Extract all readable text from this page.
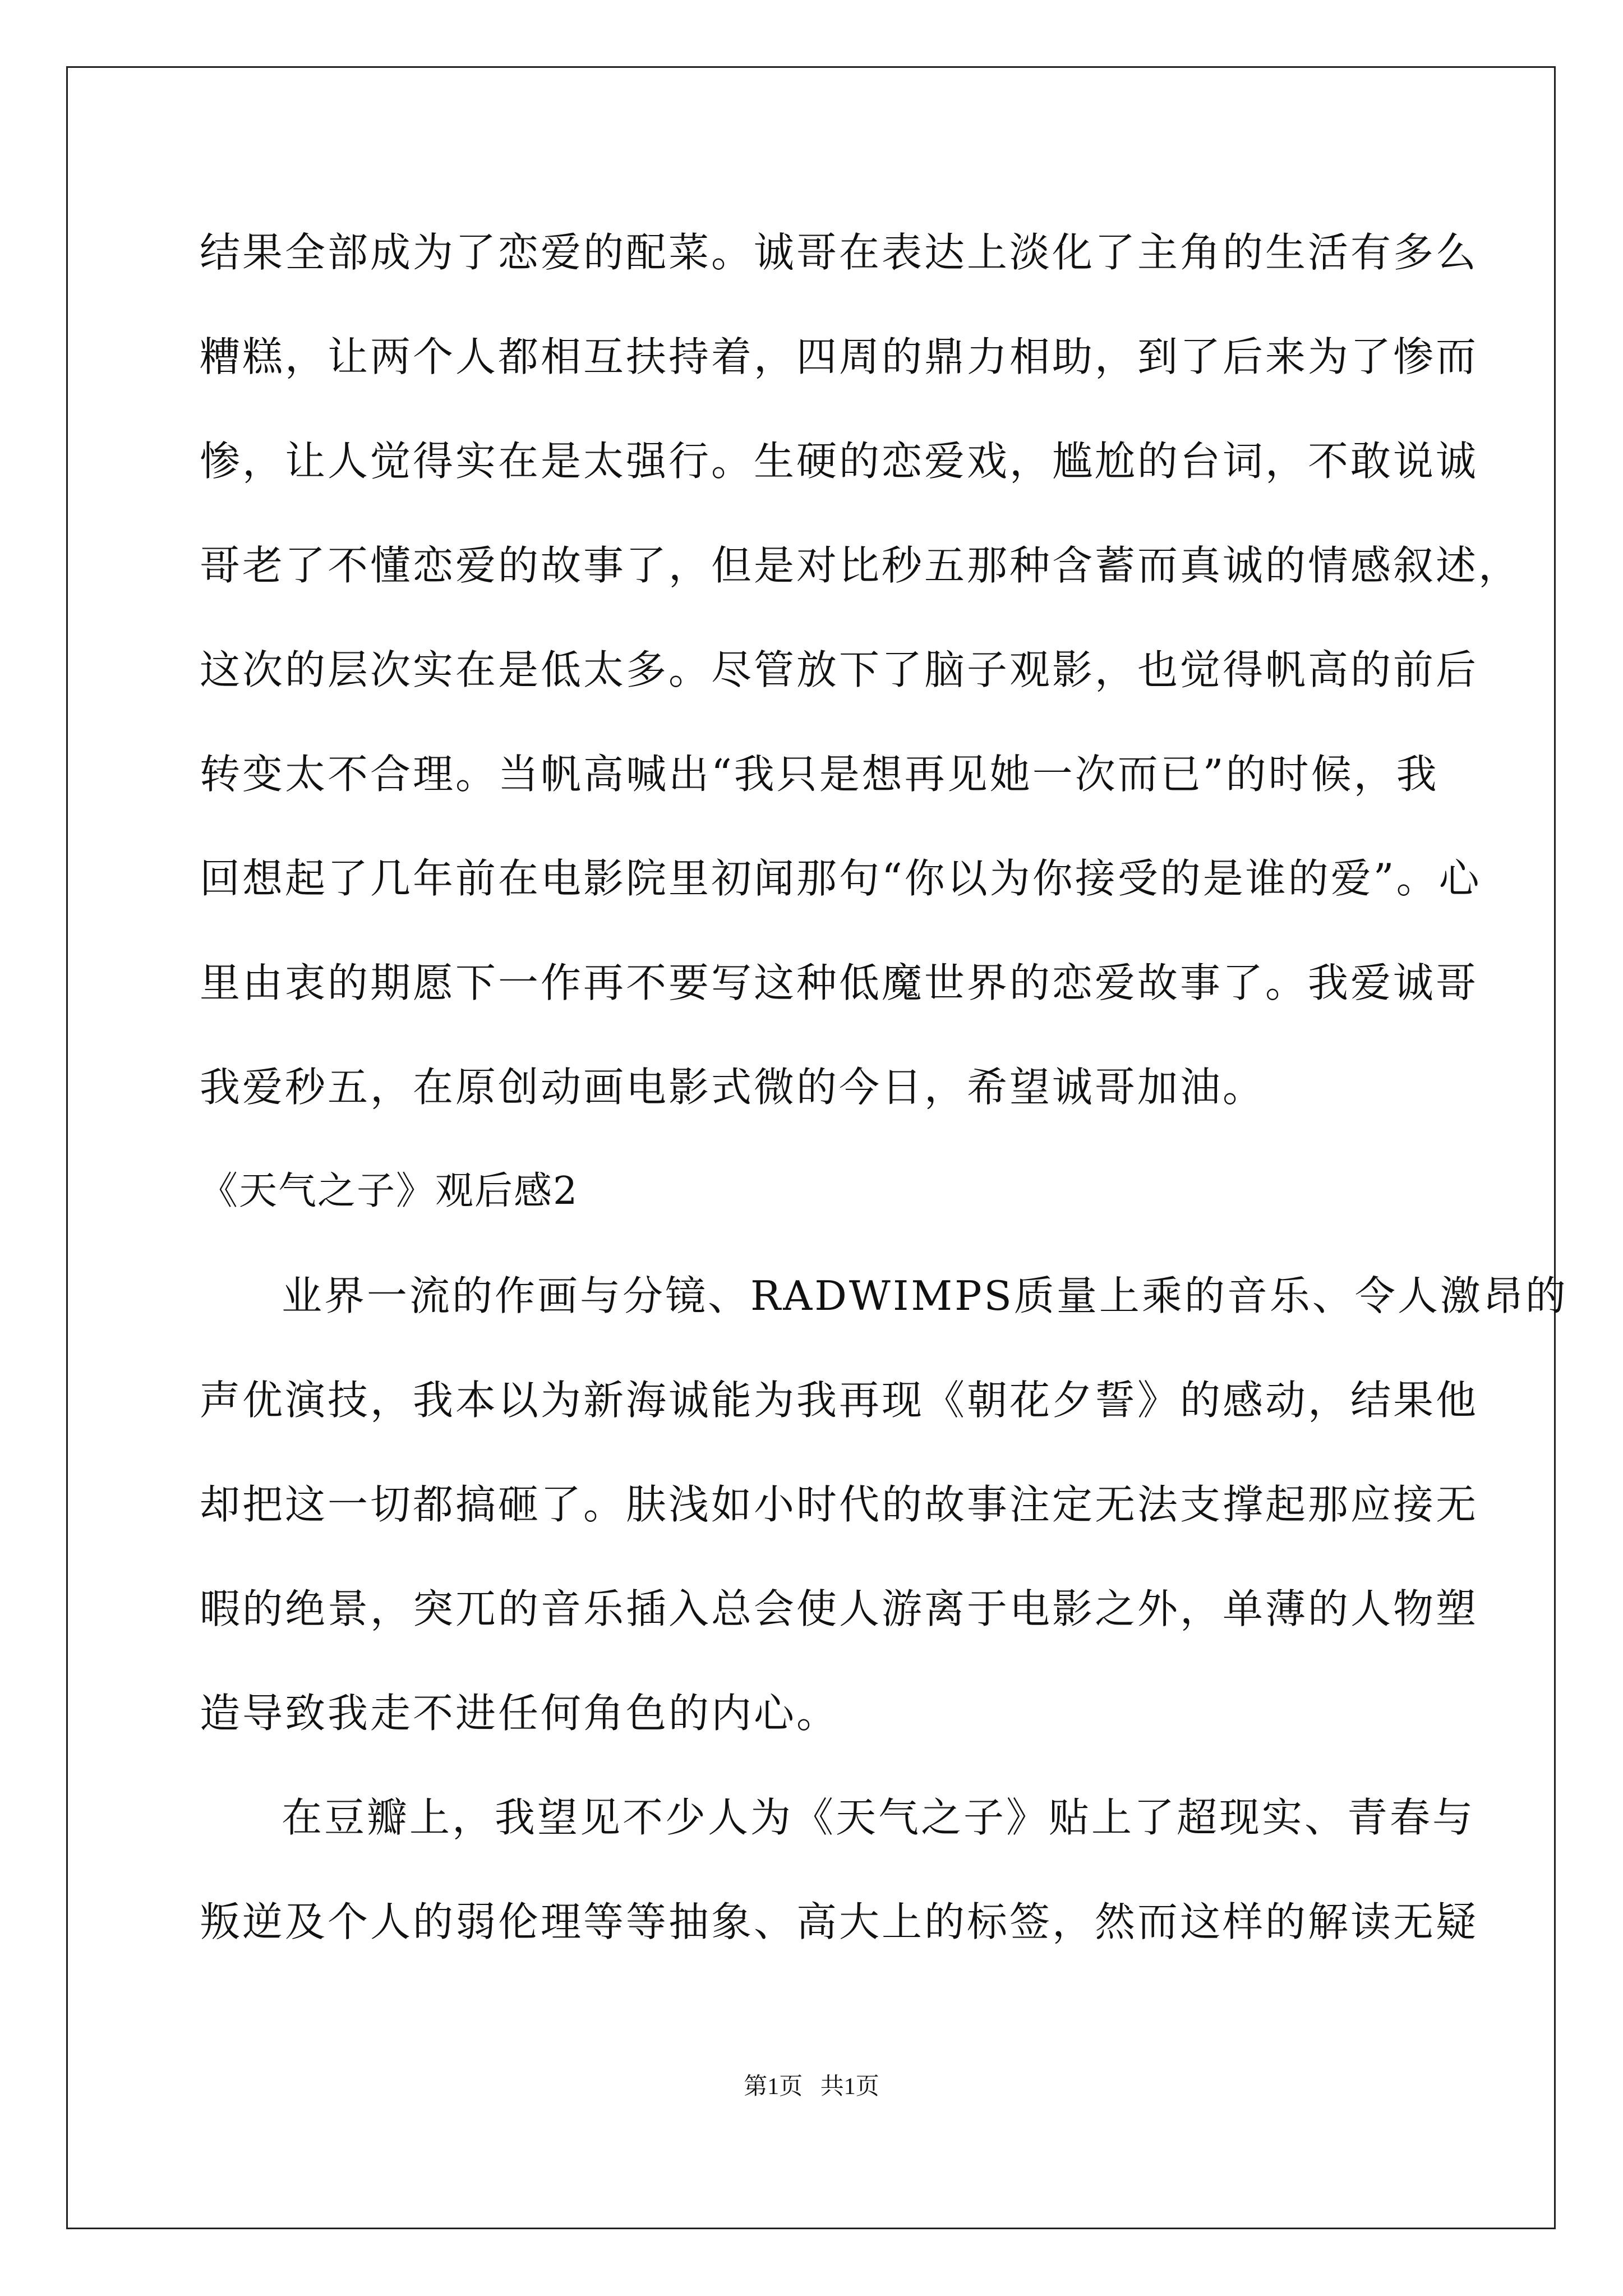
结果全部成为了恋爱的配菜。诚哥在表达上淡化了主角的生活有多么
糟糕，让两个人都相互扶持着，四周的鼎力相助，到了后来为了惨而
惨，让人觉得实在是太强行。生硬的恋爱戏，尴尬的台词，不敢说诚
哥老了不懂恋爱的故事了，但是对比秒五那种含蓄而真诚的情感叙述，
这次的层次实在是低太多。尽管放下了脑子观影，也觉得帆高的前后
转变太不合理。当帆高喊出“我只是想再见她一次而已”的时候，我
回想起了几年前在电影院里初闻那句“你以为你接受的是谁的爱”。心
里由衷的期愿下一作再不要写这种低魔世界的恋爱故事了。我爱诚哥
我爱秒五，在原创动画电影式微的今日，希望诚哥加油。
《天气之子》观后感2
业界一流的作画与分镜、RADWIMPS质量上乘的音乐、令人激昂的
声优演技，我本以为新海诚能为我再现《朝花夕誓》的感动，结果他
却把这一切都搞砸了。肤浅如小时代的故事注定无法支撑起那应接无
暇的绝景，突兀的音乐插入总会使人游离于电影之外，单薄的人物塑
造导致我走不进任何角色的内心。
在豆瓣上，我望见不少人为《天气之子》贴上了超现实、青春与
叛逆及个人的弱伦理等等抽象、高大上的标签，然而这样的解读无疑
第1页   共1页
